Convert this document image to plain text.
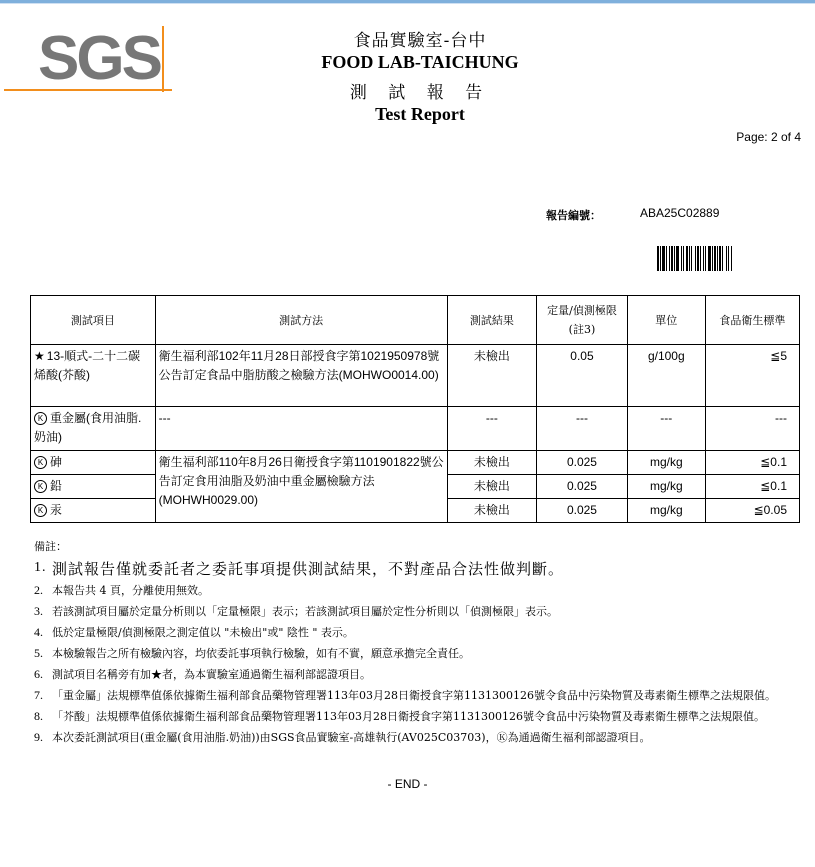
SGS	食品實驗室-台中
FOOD LAB-TAICHUNG
測 試 報 告
Test Report
Page: 2 of 4
報告編號：	ABA25C02889
測試項目	測試方法	測試結果	定量/偵測極限(註3)	單位	食品衛生標準
★ 13-順式-二十二碳烯酸(芥酸)	衛生福利部102年11月28日部授食字第1021950978號公告訂定食品中脂肪酸之檢驗方法(MOHWO0014.00)	未檢出	0.05	g/100g	≦5
K 重金屬(食用油脂.奶油)	---	---	---	---	---
K 砷	衛生福利部110年8月26日衛授食字第1101901822號公告訂定食用油脂及奶油中重金屬檢驗方法(MOHWH0029.00)	未檢出	0.025	mg/kg	≦0.1
K 鉛		未檢出	0.025	mg/kg	≦0.1
K 汞		未檢出	0.025	mg/kg	≦0.05
備註：
1. 測試報告僅就委託者之委託事項提供測試結果，不對產品合法性做判斷。
2. 本報告共 4 頁，分離使用無效。
3. 若該測試項目屬於定量分析則以「定量極限」表示；若該測試項目屬於定性分析則以「偵測極限」表示。
4. 低於定量極限/偵測極限之測定值以 "未檢出"或" 陰性 " 表示。
5. 本檢驗報告之所有檢驗內容，均依委託事項執行檢驗，如有不實，願意承擔完全責任。
6. 測試項目名稱旁有加★者，為本實驗室通過衛生福利部認證項目。
7. 「重金屬」法規標準值係依據衛生福利部食品藥物管理署113年03月28日衛授食字第1131300126號令食品中污染物質及毒素衛生標準之法規限值。
8. 「芥酸」法規標準值係依據衛生福利部食品藥物管理署113年03月28日衛授食字第1131300126號令食品中污染物質及毒素衛生標準之法規限值。
9. 本次委託測試項目(重金屬(食用油脂.奶油))由SGS食品實驗室-高雄執行(AV025C03703)，Ⓚ為通過衛生福利部認證項目。
- END -
